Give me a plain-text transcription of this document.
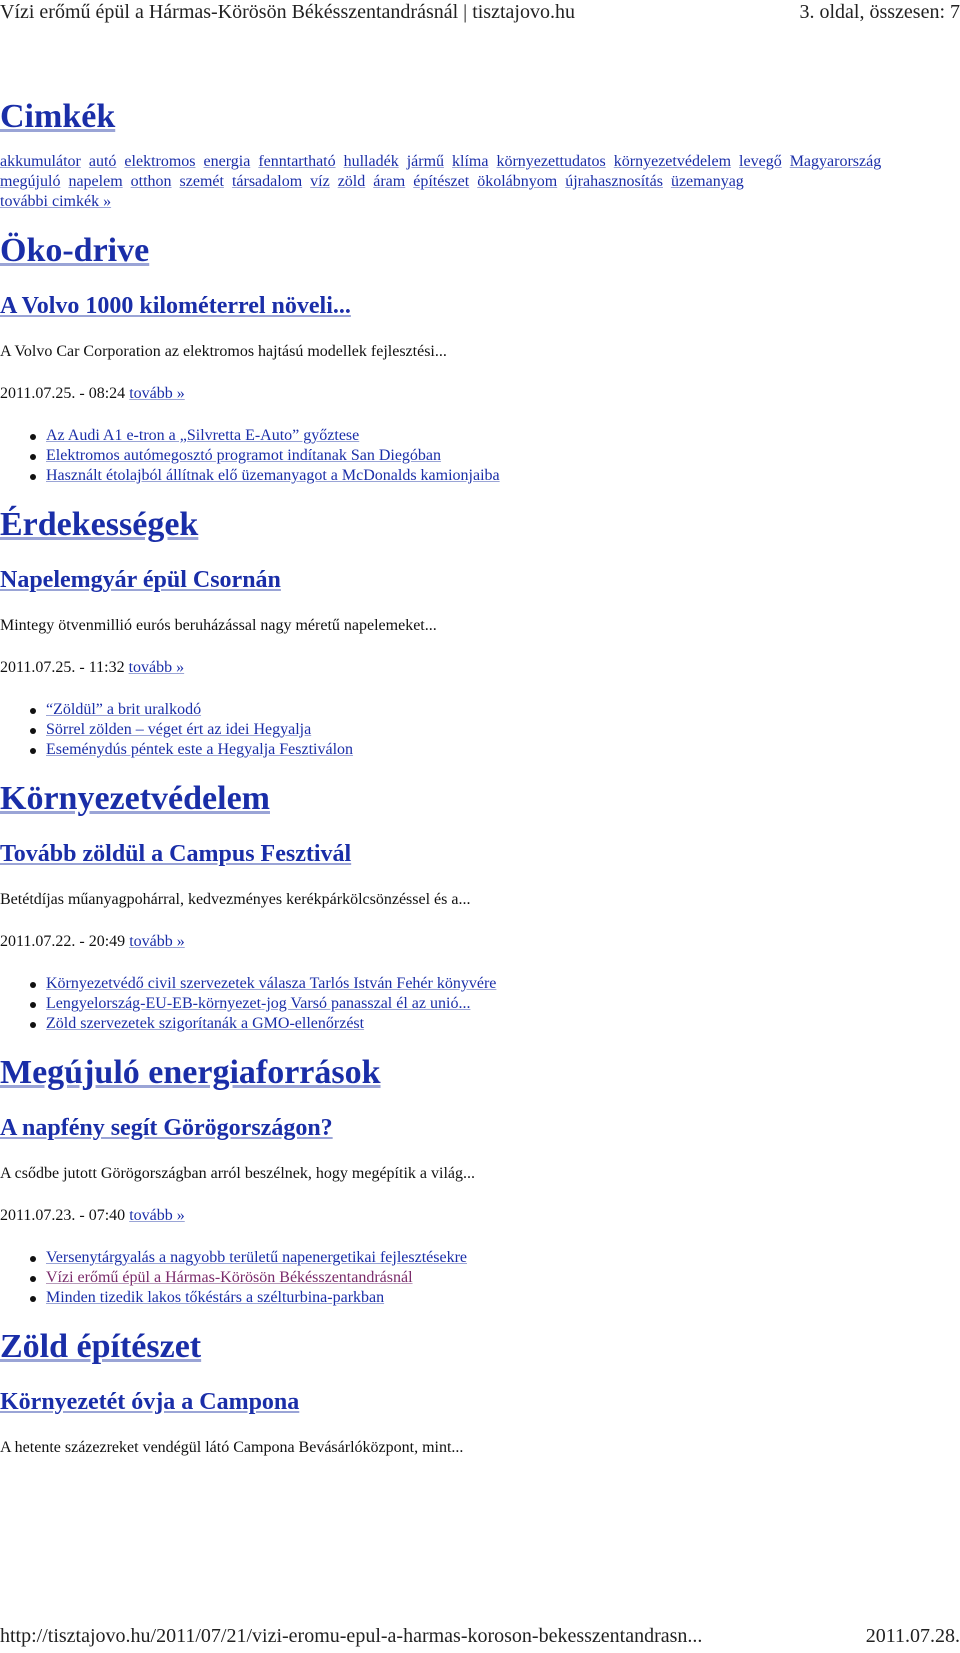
Vízi erőmű épül a Hármas-Körösön Békésszentandrásnál | tisztajovo.hu	3. oldal, összesen: 7
Cimkék
akkumulátor autó elektromos energia fenntartható hulladék jármű klíma környezettudatos környezetvédelem levegő Magyarország megújuló napelem otthon szemét társadalom víz zöld áram építészet ökolábnyom újrahasznosítás üzemanyag
további cimkék »
Öko-drive
A Volvo 1000 kilométerrel növeli...

A Volvo Car Corporation az elektromos hajtású modellek fejlesztési...

2011.07.25. - 08:24 tovább »

Az Audi A1 e-tron a „Silvretta E-Auto” győztese
Elektromos autómegosztó programot indítanak San Diegóban
Használt étolajból állítnak elő üzemanyagot a McDonalds kamionjaiba
Érdekességek
Napelemgyár épül Csornán

Mintegy ötvenmillió eurós beruházással nagy méretű napelemeket...

2011.07.25. - 11:32 tovább »

“Zöldül” a brit uralkodó
Sörrel zölden – véget ért az idei Hegyalja
Eseménydús péntek este a Hegyalja Fesztiválon
Környezetvédelem
Tovább zöldül a Campus Fesztivál

Betétdíjas műanyagpohárral, kedvezményes kerékpárkölcsönzéssel és a...

2011.07.22. - 20:49 tovább »

Környezetvédő civil szervezetek válasza Tarlós István Fehér könyvére
Lengyelország-EU-EB-környezet-jog Varsó panasszal él az unió...
Zöld szervezetek szigorítanák a GMO-ellenőrzést
Megújuló energiaforrások
A napfény segít Görögországon?

A csődbe jutott Görögországban arról beszélnek, hogy megépítik a világ...

2011.07.23. - 07:40 tovább »

Versenytárgyalás a nagyobb területű napenergetikai fejlesztésekre
Vízi erőmű épül a Hármas-Körösön Békésszentandrásnál
Minden tizedik lakos tőkéstárs a szélturbina-parkban
Zöld építészet
Környezetét óvja a Campona

A hetente százezreket vendégül látó Campona Bevásárlóközpont, mint...

http://tisztajovo.hu/2011/07/21/vizi-eromu-epul-a-harmas-koroson-bekesszentandrasn...	2011.07.28.
